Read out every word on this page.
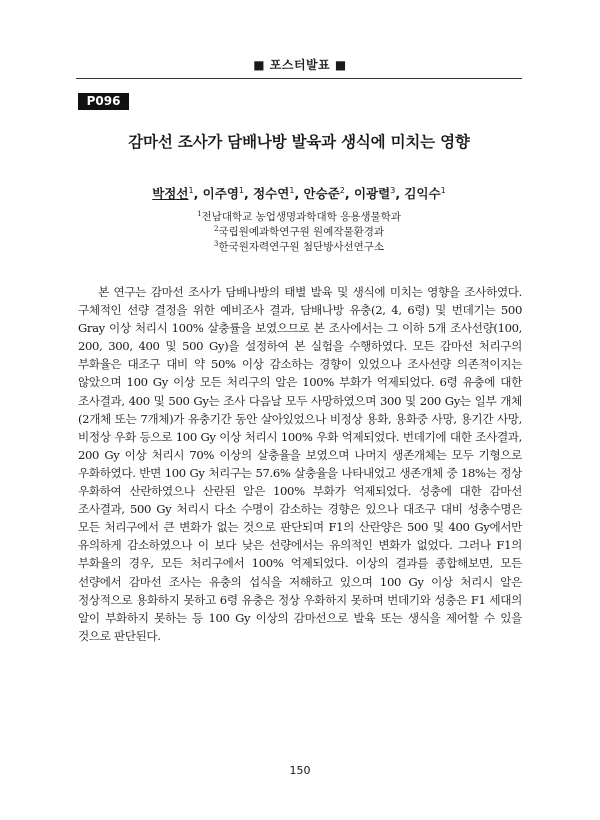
■ 포스터발표 ■
P096
감마선 조사가 담배나방 발육과 생식에 미치는 영향
박정선$^1$, 이주영$^1$, 정수연$^1$, 안승준$^2$, 이광렬$^3$, 김익수$^1$
$^1$전남대학교 농업생명과학대학 응용생물학과
$^2$국립원예과학연구원 원예작물환경과
$^3$한국원자력연구원 첨단방사선연구소

본 연구는 감마선 조사가 담배나방의 태별 발육 및 생식에 미치는 영향을 조사하였다. 구체적인 선량 결정을 위한 예비조사 결과, 담배나방 유충(2, 4, 6령) 및 번데기는 500 Gray 이상 처리시 100% 살충률을 보였으므로 본 조사에서는 그 이하 5개 조사선량(100, 200, 300, 400 및 500 Gy)을 설정하여 본 실험을 수행하였다. 모든 감마선 처리구의 부화율은 대조구 대비 약 50% 이상 감소하는 경향이 있었으나 조사선량 의존적이지는 않았으며 100 Gy 이상 모든 처리구의 알은 100% 부화가 억제되었다. 6령 유충에 대한 조사결과, 400 및 500 Gy는 조사 다음날 모두 사망하였으며 300 및 200 Gy는 일부 개체(2개체 또는 7개체)가 유충기간 동안 살아있었으나 비정상 용화, 용화중 사망, 용기간 사망, 비정상 우화 등으로 100 Gy 이상 처리시 100% 우화 억제되었다. 번데기에 대한 조사결과, 200 Gy 이상 처리시 70% 이상의 살충율을 보였으며 나머지 생존개체는 모두 기형으로 우화하였다. 반면 100 Gy 처리구는 57.6% 살충율을 나타내었고 생존개체 중 18%는 정상 우화하여 산란하였으나 산란된 알은 100% 부화가 억제되었다. 성충에 대한 감마선 조사결과, 500 Gy 처리시 다소 수명이 감소하는 경향은 있으나 대조구 대비 성충수명은 모든 처리구에서 큰 변화가 없는 것으로 판단되며 F1의 산란양은 500 및 400 Gy에서만 유의하게 감소하였으나 이 보다 낮은 선량에서는 유의적인 변화가 없었다. 그러나 F1의 부화율의 경우, 모든 처리구에서 100% 억제되었다. 이상의 결과를 종합해보면, 모든 선량에서 감마선 조사는 유충의 섭식을 저해하고 있으며 100 Gy 이상 처리시 알은 정상적으로 용화하지 못하고 6령 유충은 정상 우화하지 못하며 번데기와 성충은 F1 세대의 알이 부화하지 못하는 등 100 Gy 이상의 감마선으로 발육 또는 생식을 제어할 수 있을 것으로 판단된다.

150
